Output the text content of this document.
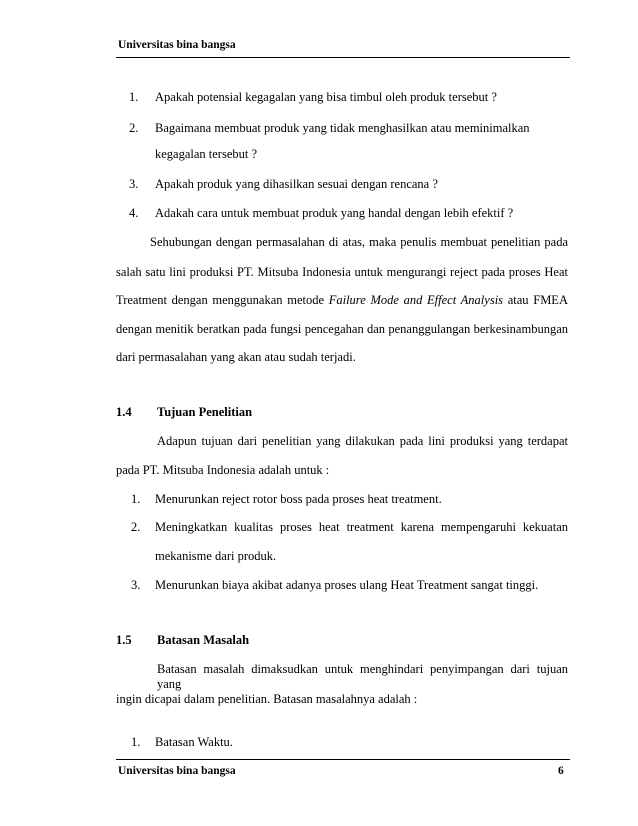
Universitas bina bangsa
1. Apakah potensial kegagalan yang bisa timbul oleh produk tersebut ?
2. Bagaimana membuat produk yang tidak menghasilkan atau meminimalkan
kegagalan tersebut ?
3. Apakah produk yang dihasilkan sesuai dengan rencana ?
4. Adakah cara untuk membuat produk yang handal dengan lebih efektif ?
Sehubungan dengan permasalahan di atas, maka penulis membuat penelitian pada
salah satu lini produksi PT. Mitsuba Indonesia untuk mengurangi reject pada proses Heat
Treatment dengan menggunakan metode Failure Mode and Effect Analysis atau FMEA
dengan menitik beratkan pada fungsi pencegahan dan penanggulangan berkesinambungan
dari permasalahan yang akan atau sudah terjadi.
1.4 Tujuan Penelitian
Adapun tujuan dari penelitian yang dilakukan pada lini produksi yang terdapat
pada PT. Mitsuba Indonesia adalah untuk :
1. Menurunkan reject rotor boss pada proses heat treatment.
2. Meningkatkan kualitas proses heat treatment karena mempengaruhi kekuatan
mekanisme dari produk.
3. Menurunkan biaya akibat adanya proses ulang Heat Treatment sangat tinggi.
1.5 Batasan Masalah
Batasan masalah dimaksudkan untuk menghindari penyimpangan dari tujuan yang
ingin dicapai dalam penelitian. Batasan masalahnya adalah :
1. Batasan Waktu.
Universitas bina bangsa	6
